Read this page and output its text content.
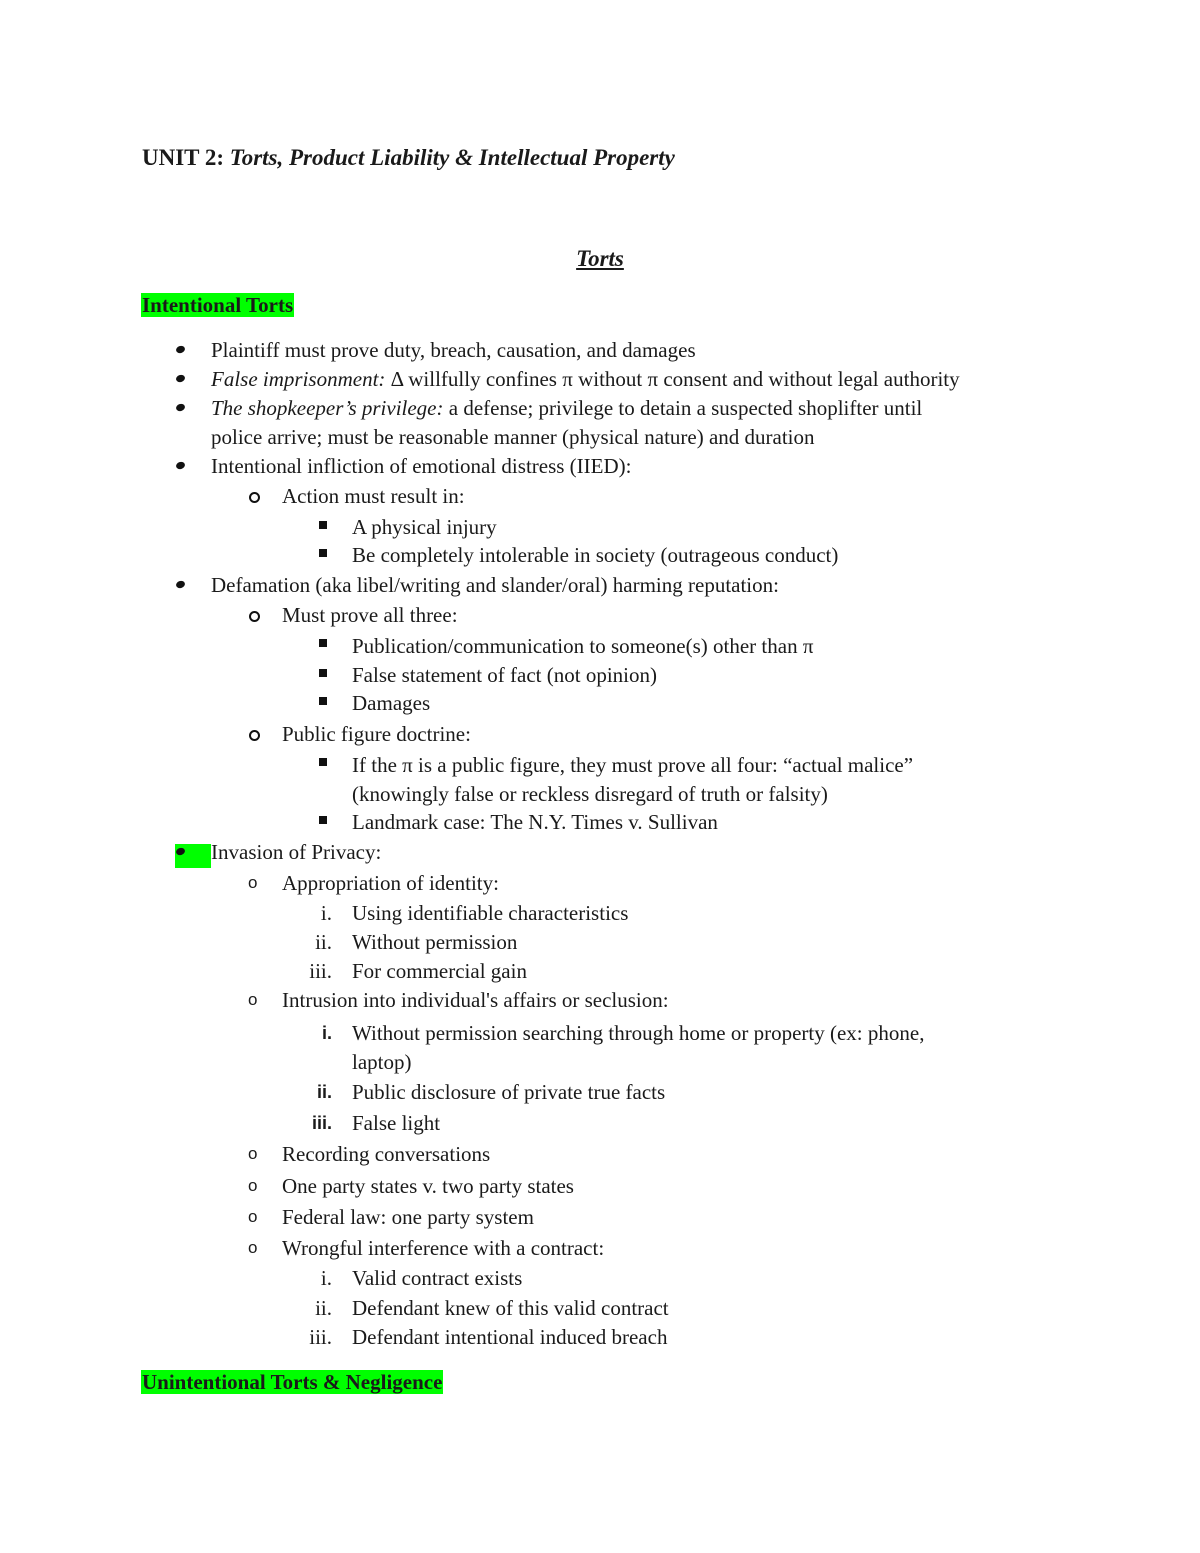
UNIT 2: Torts, Product Liability & Intellectual Property
Torts
Intentional Torts
Plaintiff must prove duty, breach, causation, and damages
False imprisonment: Δ willfully confines π without π consent and without legal authority
The shopkeeper’s privilege: a defense; privilege to detain a suspected shoplifter until
police arrive; must be reasonable manner (physical nature) and duration
Intentional infliction of emotional distress (IIED):
Action must result in:
A physical injury
Be completely intolerable in society (outrageous conduct)
Defamation (aka libel/writing and slander/oral) harming reputation:
Must prove all three:
Publication/communication to someone(s) other than π
False statement of fact (not opinion)
Damages
Public figure doctrine:
If the π is a public figure, they must prove all four: “actual malice”
(knowingly false or reckless disregard of truth or falsity)
Landmark case: The N.Y. Times v. Sullivan
Invasion of Privacy:
o Appropriation of identity:
i. Using identifiable characteristics
ii. Without permission
iii. For commercial gain
o Intrusion into individual's affairs or seclusion:
i. Without permission searching through home or property (ex: phone,
laptop)
ii. Public disclosure of private true facts
iii. False light
o Recording conversations
o One party states v. two party states
o Federal law: one party system
o Wrongful interference with a contract:
i. Valid contract exists
ii. Defendant knew of this valid contract
iii. Defendant intentional induced breach
Unintentional Torts & Negligence
